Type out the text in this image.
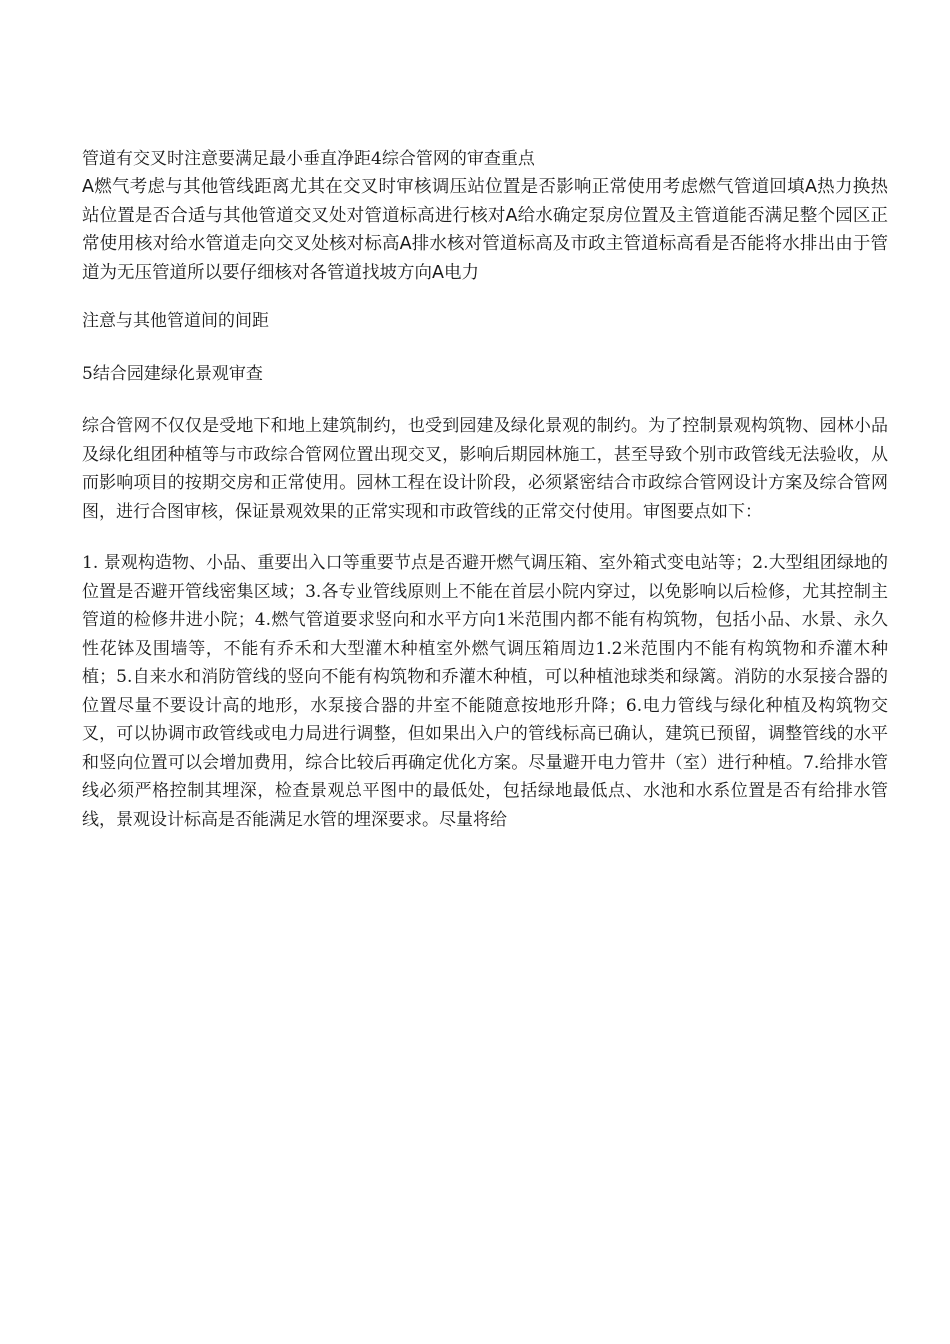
管道有交叉时注意要满足最小垂直净距4综合管网的审查重点

A燃气考虑与其他管线距离尤其在交叉时审核调压站位置是否影响正常使用考虑燃气管道回填A热力换热站位置是否合适与其他管道交叉处对管道标高进行核对A给水确定泵房位置及主管道能否满足整个园区正常使用核对给水管道走向交叉处核对标高A排水核对管道标高及市政主管道标高看是否能将水排出由于管道为无压管道所以要仔细核对各管道找坡方向A电力

注意与其他管道间的间距

5结合园建绿化景观审查

综合管网不仅仅是受地下和地上建筑制约，也受到园建及绿化景观的制约。为了控制景观构筑物、园林小品及绿化组团种植等与市政综合管网位置出现交叉，影响后期园林施工，甚至导致个别市政管线无法验收，从而影响项目的按期交房和正常使用。园林工程在设计阶段，必须紧密结合市政综合管网设计方案及综合管网图，进行合图审核，保证景观效果的正常实现和市政管线的正常交付使用。审图要点如下：

1. 景观构造物、小品、重要出入口等重要节点是否避开燃气调压箱、室外箱式变电站等；2.大型组团绿地的位置是否避开管线密集区域；3.各专业管线原则上不能在首层小院内穿过，以免影响以后检修，尤其控制主管道的检修井进小院；4.燃气管道要求竖向和水平方向1米范围内都不能有构筑物，包括小品、水景、永久性花钵及围墙等，不能有乔禾和大型灌木种植室外燃气调压箱周边1.2米范围内不能有构筑物和乔灌木种植；5.自来水和消防管线的竖向不能有构筑物和乔灌木种植，可以种植池球类和绿篱。消防的水泵接合器的位置尽量不要设计高的地形，水泵接合器的井室不能随意按地形升降；6.电力管线与绿化种植及构筑物交叉，可以协调市政管线或电力局进行调整，但如果出入户的管线标高已确认，建筑已预留，调整管线的水平和竖向位置可以会增加费用，综合比较后再确定优化方案。尽量避开电力管井（室）进行种植。7.给排水管线必须严格控制其埋深，检查景观总平图中的最低处，包括绿地最低点、水池和水系位置是否有给排水管线，景观设计标高是否能满足水管的埋深要求。尽量将给
